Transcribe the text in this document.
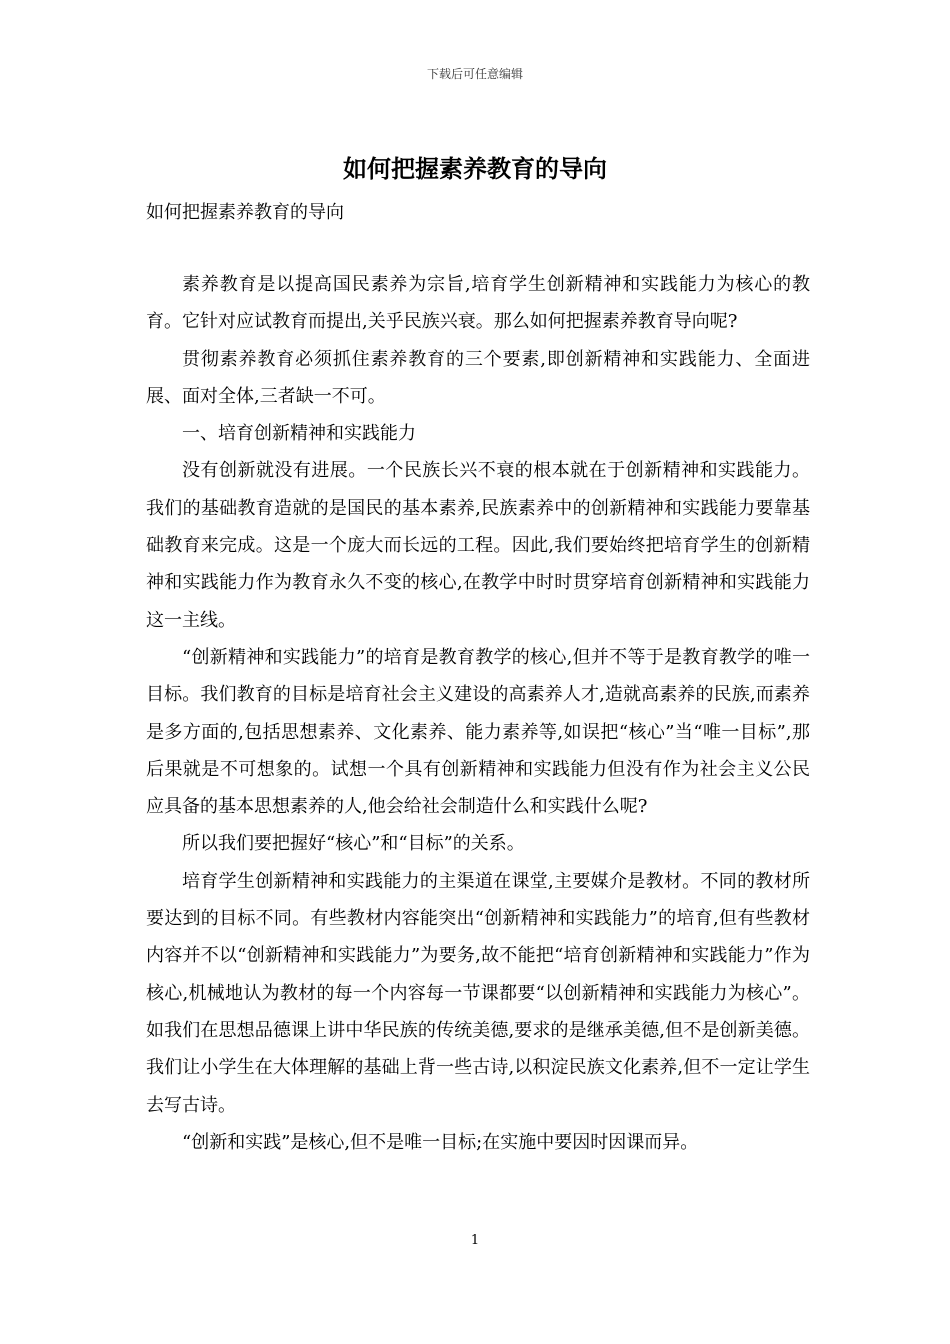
下载后可任意编辑
如何把握素养教育的导向
如何把握素养教育的导向

素养教育是以提高国民素养为宗旨,培育学生创新精神和实践能力为核心的教育。它针对应试教育而提出,关乎民族兴衰。那么如何把握素养教育导向呢?

贯彻素养教育必须抓住素养教育的三个要素,即创新精神和实践能力、全面进展、面对全体,三者缺一不可。

一、培育创新精神和实践能力

没有创新就没有进展。一个民族长兴不衰的根本就在于创新精神和实践能力。我们的基础教育造就的是国民的基本素养,民族素养中的创新精神和实践能力要靠基础教育来完成。这是一个庞大而长远的工程。因此,我们要始终把培育学生的创新精神和实践能力作为教育永久不变的核心,在教学中时时贯穿培育创新精神和实践能力这一主线。

“创新精神和实践能力”的培育是教育教学的核心,但并不等于是教育教学的唯一目标。我们教育的目标是培育社会主义建设的高素养人才,造就高素养的民族,而素养是多方面的,包括思想素养、文化素养、能力素养等,如误把“核心”当“唯一目标”,那后果就是不可想象的。试想一个具有创新精神和实践能力但没有作为社会主义公民应具备的基本思想素养的人,他会给社会制造什么和实践什么呢?

所以我们要把握好“核心”和“目标”的关系。

培育学生创新精神和实践能力的主渠道在课堂,主要媒介是教材。不同的教材所要达到的目标不同。有些教材内容能突出“创新精神和实践能力”的培育,但有些教材内容并不以“创新精神和实践能力”为要务,故不能把“培育创新精神和实践能力”作为核心,机械地认为教材的每一个内容每一节课都要“以创新精神和实践能力为核心”。如我们在思想品德课上讲中华民族的传统美德,要求的是继承美德,但不是创新美德。我们让小学生在大体理解的基础上背一些古诗,以积淀民族文化素养,但不一定让学生去写古诗。

“创新和实践”是核心,但不是唯一目标;在实施中要因时因课而异。

1
